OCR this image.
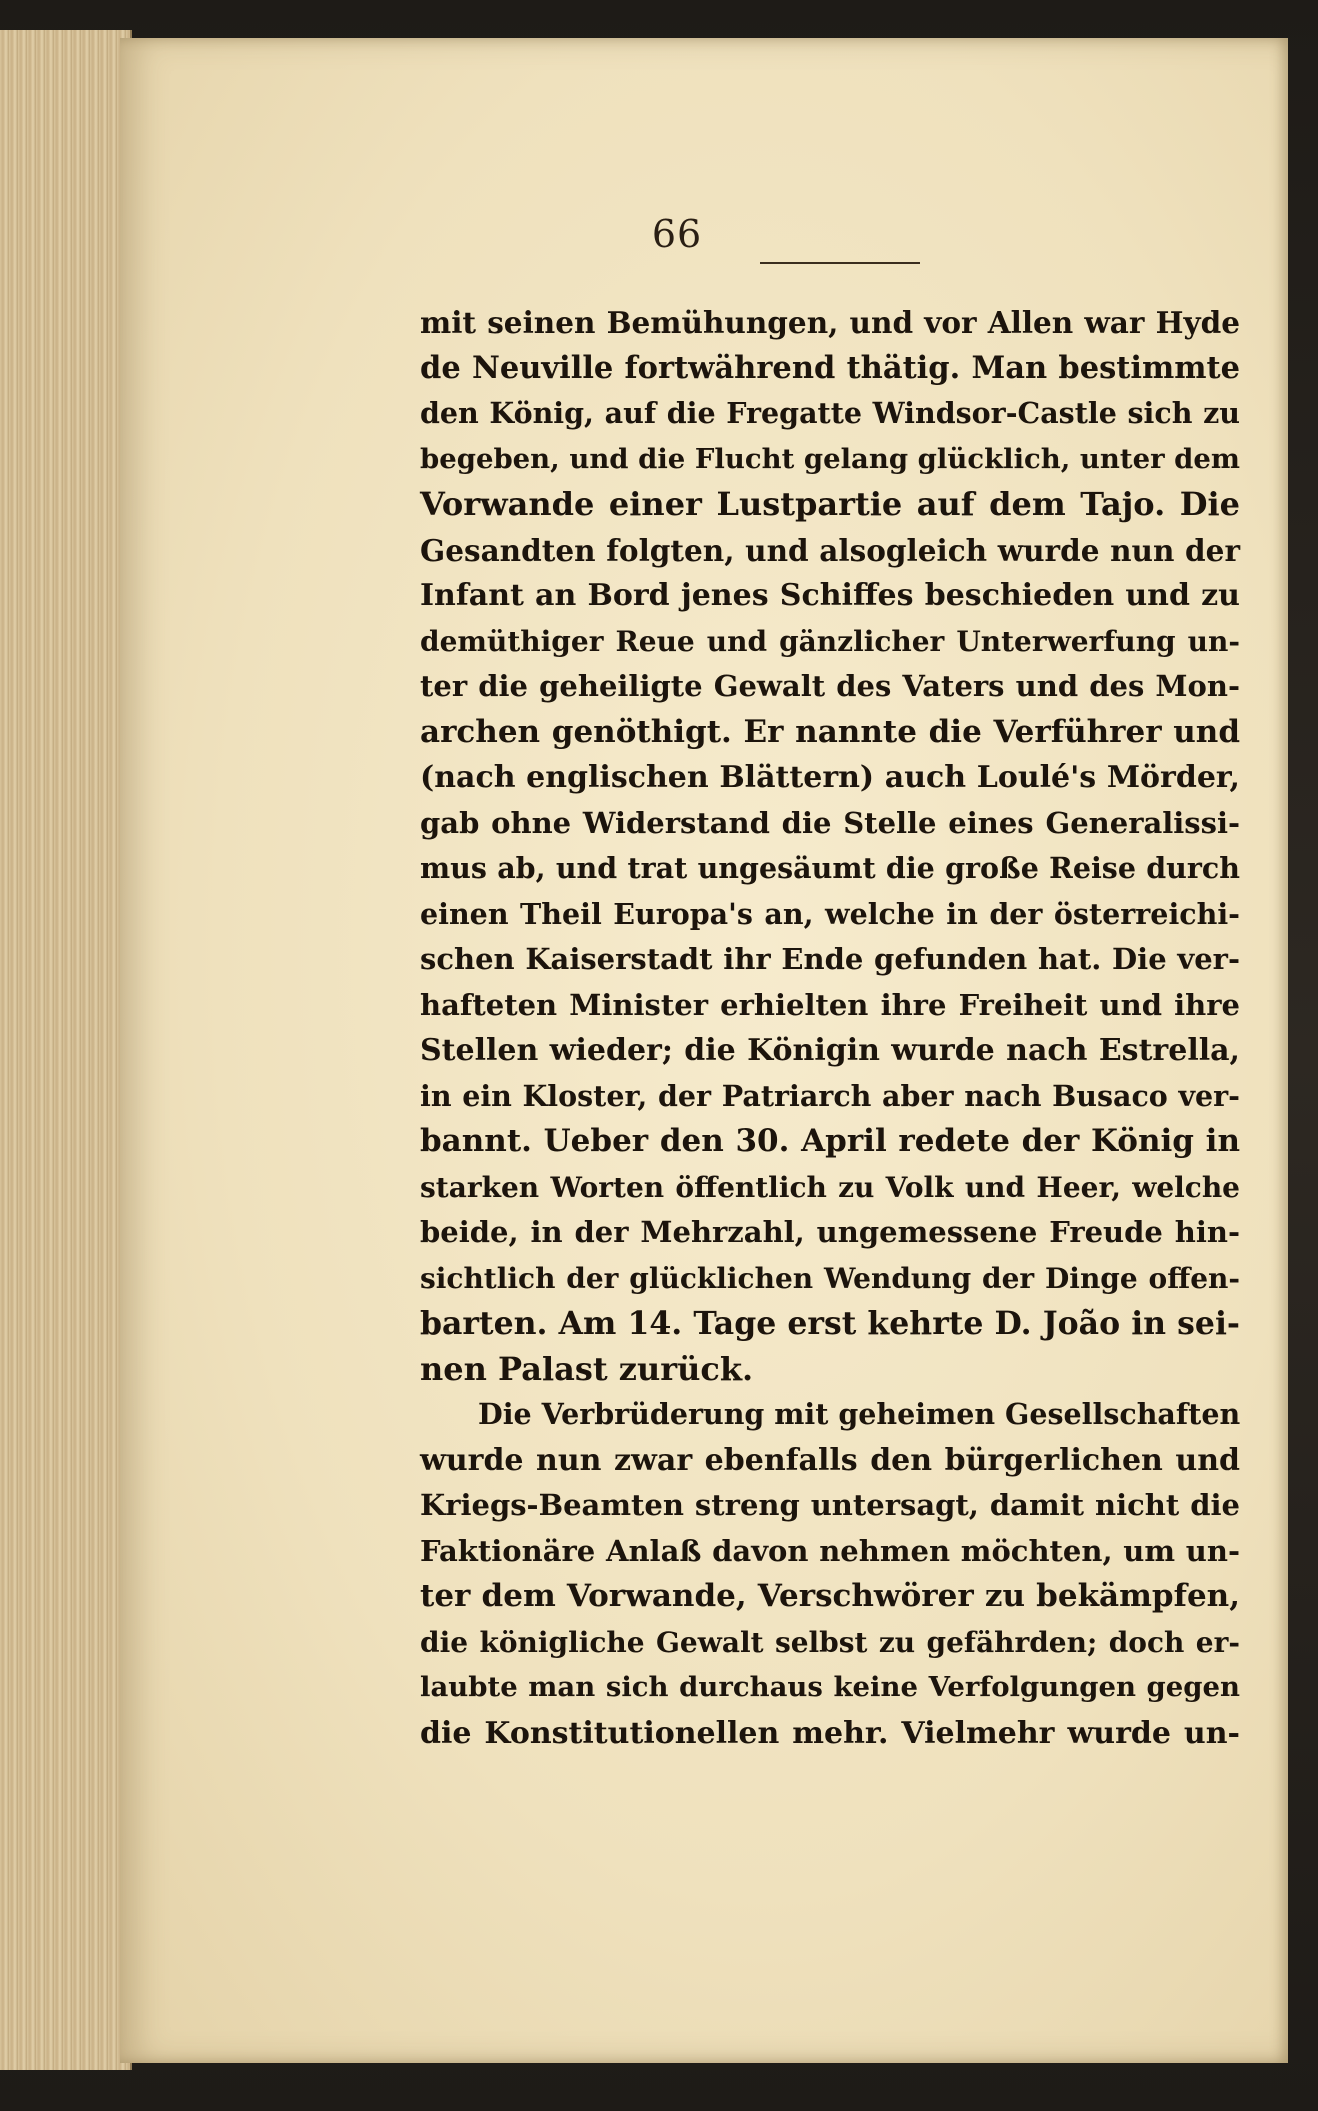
66
mit seinen Bemühungen, und vor Allen war Hyde
de Neuville fortwährend thätig. Man bestimmte
den König, auf die Fregatte Windsor-Castle sich zu
begeben, und die Flucht gelang glücklich, unter dem
Vorwande einer Lustpartie auf dem Tajo. Die
Gesandten folgten, und alsogleich wurde nun der
Infant an Bord jenes Schiffes beschieden und zu
demüthiger Reue und gänzlicher Unterwerfung un-
ter die geheiligte Gewalt des Vaters und des Mon-
archen genöthigt. Er nannte die Verführer und
(nach englischen Blättern) auch Loulé's Mörder,
gab ohne Widerstand die Stelle eines Generalissi-
mus ab, und trat ungesäumt die große Reise durch
einen Theil Europa's an, welche in der österreichi-
schen Kaiserstadt ihr Ende gefunden hat. Die ver-
hafteten Minister erhielten ihre Freiheit und ihre
Stellen wieder; die Königin wurde nach Estrella,
in ein Kloster, der Patriarch aber nach Busaco ver-
bannt. Ueber den 30. April redete der König in
starken Worten öffentlich zu Volk und Heer, welche
beide, in der Mehrzahl, ungemessene Freude hin-
sichtlich der glücklichen Wendung der Dinge offen-
barten. Am 14. Tage erst kehrte D. João in sei-
nen Palast zurück.
Die Verbrüderung mit geheimen Gesellschaften
wurde nun zwar ebenfalls den bürgerlichen und
Kriegs-Beamten streng untersagt, damit nicht die
Faktionäre Anlaß davon nehmen möchten, um un-
ter dem Vorwande, Verschwörer zu bekämpfen,
die königliche Gewalt selbst zu gefährden; doch er-
laubte man sich durchaus keine Verfolgungen gegen
die Konstitutionellen mehr. Vielmehr wurde un-
